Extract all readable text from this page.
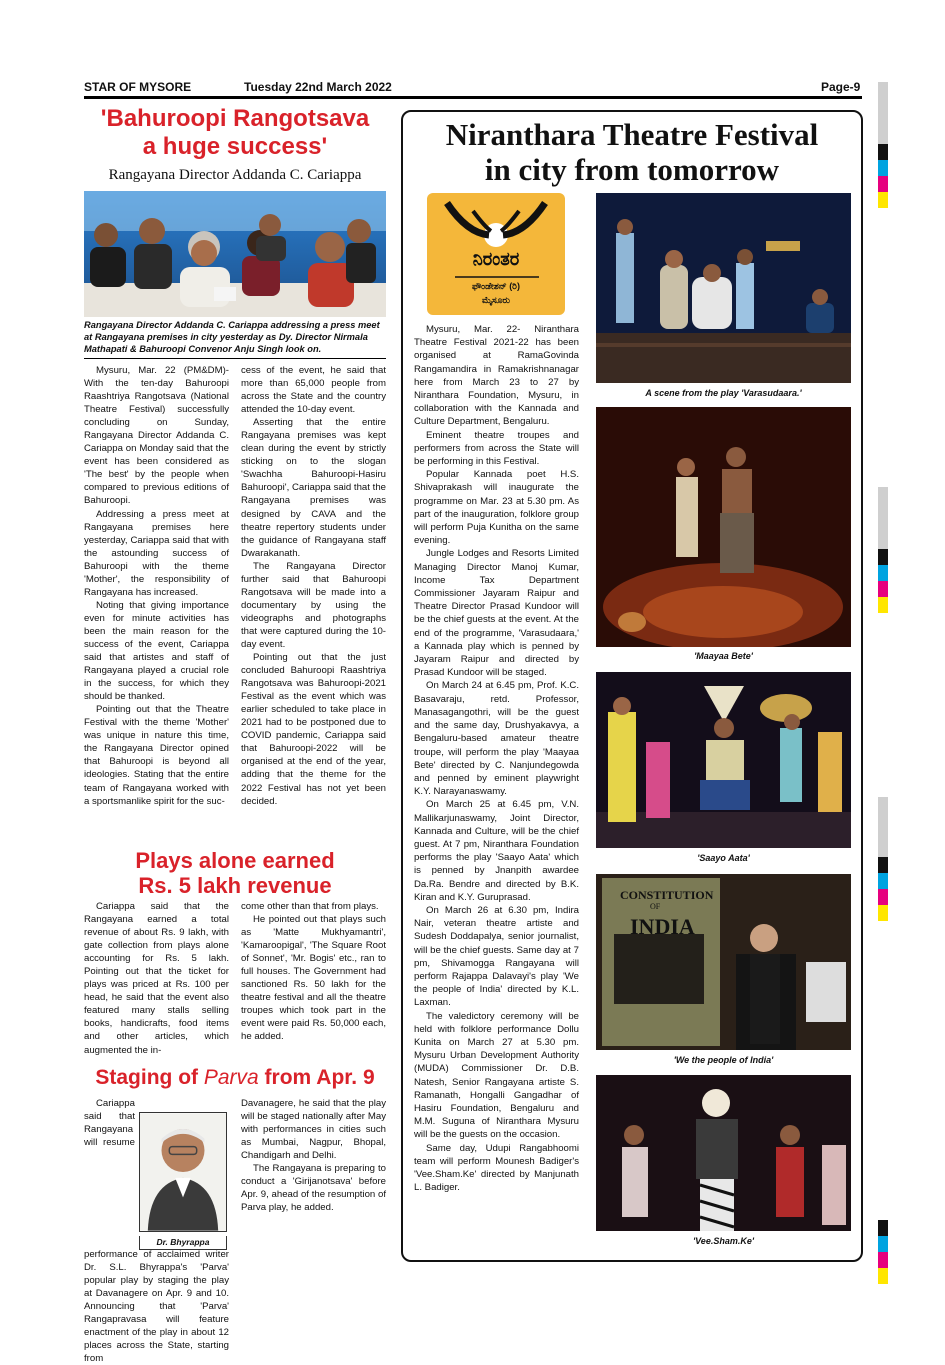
STAR OF MYSORE	Tuesday 22nd March 2022	Page-9
'Bahuroopi Rangotsava
a huge success'
Rangayana Director Addanda C. Cariappa
Rangayana Director Addanda C. Cariappa addressing a press meet at Rangayana premises in city yesterday as Dy. Director Nirmala Mathapati & Bahuroopi Convenor Anju Singh look on.

Mysuru, Mar. 22 (PM&DM)- With the ten-day Bahuroopi Raashtriya Rangotsava (National Theatre Festival) successfully concluding on Sunday, Rangayana Director Addanda C. Cariappa on Monday said that the event has been considered as 'The best' by the people when compared to previous editions of Bahuroopi.

Addressing a press meet at Rangayana premises here yesterday, Cariappa said that with the astounding success of Bahuroopi with the theme 'Mother', the responsibility of Rangayana has increased.

Noting that giving importance even for minute activities has been the main reason for the success of the event, Cariappa said that artistes and staff of Rangayana played a crucial role in the success, for which they should be thanked.

Pointing out that the Theatre Festival with the theme 'Mother' was unique in nature this time, the Rangayana Director opined that Bahuroopi is beyond all ideologies. Stating that the entire team of Rangayana worked with a sportsmanlike spirit for the suc-

cess of the event, he said that more than 65,000 people from across the State and the country attended the 10-day event.

Asserting that the entire Rangayana premises was kept clean during the event by strictly sticking on to the slogan 'Swachha Bahuroopi-Hasiru Bahuroopi', Cariappa said that the Rangayana premises was designed by CAVA and the theatre repertory students under the guidance of Rangayana staff Dwarakanath.

The Rangayana Director further said that Bahuroopi Rangotsava will be made into a documentary by using the videographs and photographs that were captured during the 10-day event.

Pointing out that the just concluded Bahuroopi Raashtriya Rangotsava was Bahuroopi-2021 Festival as the event which was earlier scheduled to take place in 2021 had to be postponed due to COVID pandemic, Cariappa said that Bahuroopi-2022 will be organised at the end of the year, adding that the theme for the 2022 Festival has not yet been decided.

Plays alone earned
Rs. 5 lakh revenue

Cariappa said that the Rangayana earned a total revenue of about Rs. 9 lakh, with gate collection from plays alone accounting for Rs. 5 lakh. Pointing out that the ticket for plays was priced at Rs. 100 per head, he said that the event also featured many stalls selling books, handicrafts, food items and other articles, which augmented the in-

come other than that from plays.

He pointed out that plays such as 'Matte Mukhyamantri', 'Kamaroopigal', 'The Square Root of Sonnet', 'Mr. Bogis' etc., ran to full houses. The Government had sanctioned Rs. 50 lakh for the theatre festival and all the theatre troupes which took part in the event were paid Rs. 50,000 each, he added.

Staging of Parva from Apr. 9
Dr. Bhyrappa

Cariappa said that Rangayana will resume performance of acclaimed writer Dr. S.L. Bhyrappa's 'Parva' popular play by staging the play at Davanagere on Apr. 9 and 10. Announcing that 'Parva' Rangapravasa will feature enactment of the play in about 12 places across the State, starting from

Davanagere, he said that the play will be staged nationally after May with performances in cities such as Mumbai, Nagpur, Bhopal, Chandigarh and Delhi.

The Rangayana is preparing to conduct a 'Girijanotsava' before Apr. 9, ahead of the resumption of Parva play, he added.

Niranthara Theatre Festival
in city from tomorrow
ನಿರಂತರ
ಫೌಂಡೇಶನ್ (ರಿ)
ಮೈಸೂರು

Mysuru, Mar. 22- Niranthara Theatre Festival 2021-22 has been organised at RamaGovinda Rangamandira in Ramakrishnanagar here from March 23 to 27 by Niranthara Foundation, Mysuru, in collaboration with the Kannada and Culture Department, Bengaluru.

Eminent theatre troupes and performers from across the State will be performing in this Festival.

Popular Kannada poet H.S. Shivaprakash will inaugurate the programme on Mar. 23 at 5.30 pm. As part of the inauguration, folklore group will perform Puja Kunitha on the same evening.

Jungle Lodges and Resorts Limited Managing Director Manoj Kumar, Income Tax Department Commissioner Jayaram Raipur and Theatre Director Prasad Kundoor will be the chief guests at the event. At the end of the programme, 'Varasudaara,' a Kannada play which is penned by Jayaram Raipur and directed by Prasad Kundoor will be staged.

On March 24 at 6.45 pm, Prof. K.C. Basavaraju, retd. Professor, Manasagangothri, will be the guest and the same day, Drushyakavya, a Bengaluru-based amateur theatre troupe, will perform the play 'Maayaa Bete' directed by C. Nanjundegowda and penned by eminent playwright K.Y. Narayanaswamy.

On March 25 at 6.45 pm, V.N. Mallikarjunaswamy, Joint Director, Kannada and Culture, will be the chief guest. At 7 pm, Niranthara Foundation performs the play 'Saayo Aata' which is penned by Jnanpith awardee Da.Ra. Bendre and directed by B.K. Kiran and K.Y. Guruprasad.

On March 26 at 6.30 pm, Indira Nair, veteran theatre artiste and Sudesh Doddapalya, senior journalist, will be the chief guests. Same day at 7 pm, Shivamogga Rangayana will perform Rajappa Dalavayi's play 'We the people of India' directed by K.L. Laxman.

The valedictory ceremony will be held with folklore performance Dollu Kunita on March 27 at 5.30 pm. Mysuru Urban Development Authority (MUDA) Commissioner Dr. D.B. Natesh, Senior Rangayana artiste S. Ramanath, Hongalli Gangadhar of Hasiru Foundation, Bengaluru and M.M. Suguna of Niranthara Mysuru will be the guests on the occasion.

Same day, Udupi Rangabhoomi team will perform Mounesh Badiger's 'Vee.Sham.Ke' directed by Manjunath L. Badiger.

A scene from the play 'Varasudaara.'
'Maayaa Bete'
'Saayo Aata'
CONSTITUTION
OF
INDIA
'We the people of India'
'Vee.Sham.Ke'
